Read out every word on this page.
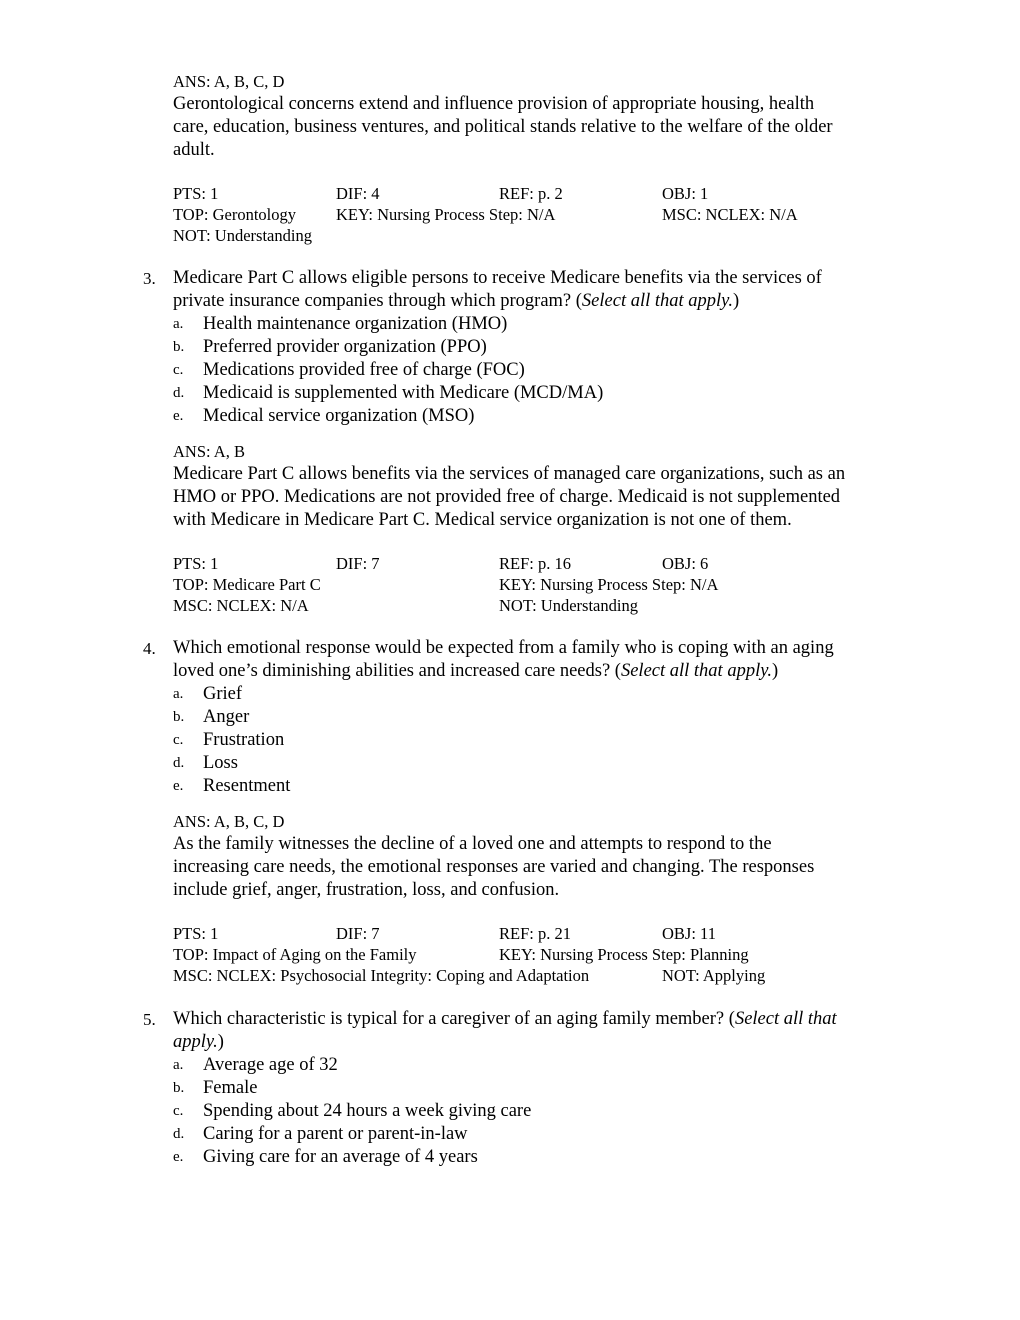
ANS: A, B, C, D
Gerontological concerns extend and influence provision of appropriate housing, health
care, education, business ventures, and political stands relative to the welfare of the older
adult.
PTS: 1	DIF: 4	REF: p. 2	OBJ: 1
TOP: Gerontology KEY: Nursing Process Step: N/A	MSC: NCLEX: N/A
NOT: Understanding
3. Medicare Part C allows eligible persons to receive Medicare benefits via the services of
private insurance companies through which program? (Select all that apply.)
a. Health maintenance organization (HMO)
b. Preferred provider organization (PPO)
c. Medications provided free of charge (FOC)
d. Medicaid is supplemented with Medicare (MCD/MA)
e. Medical service organization (MSO)
ANS: A, B
Medicare Part C allows benefits via the services of managed care organizations, such as an
HMO or PPO. Medications are not provided free of charge. Medicaid is not supplemented
with Medicare in Medicare Part C. Medical service organization is not one of them.
PTS: 1	DIF: 7	REF: p. 16	OBJ: 6
TOP: Medicare Part C	KEY: Nursing Process Step: N/A
MSC: NCLEX: N/A	NOT: Understanding
4. Which emotional response would be expected from a family who is coping with an aging
loved one’s diminishing abilities and increased care needs? (Select all that apply.)
a. Grief
b. Anger
c. Frustration
d. Loss
e. Resentment
ANS: A, B, C, D
As the family witnesses the decline of a loved one and attempts to respond to the
increasing care needs, the emotional responses are varied and changing. The responses
include grief, anger, frustration, loss, and confusion.
PTS: 1	DIF: 7	REF: p. 21	OBJ: 11
TOP: Impact of Aging on the Family	KEY: Nursing Process Step: Planning
MSC: NCLEX: Psychosocial Integrity: Coping and Adaptation	NOT: Applying
5. Which characteristic is typical for a caregiver of an aging family member? (Select all that
apply.)
a. Average age of 32
b. Female
c. Spending about 24 hours a week giving care
d. Caring for a parent or parent-in-law
e. Giving care for an average of 4 years
